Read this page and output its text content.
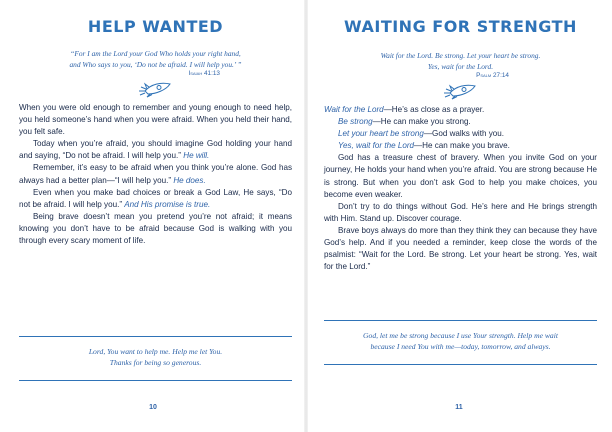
HELP WANTED
“For I am the Lord your God Who holds your right hand,
and Who says to you, ‘Do not be afraid. I will help you.’ ”
Isaiah 41:13

When you were old enough to remember and young enough to need help, you held someone’s hand when you were afraid. When you held their hand, you felt safe.

Today when you’re afraid, you should imagine God holding your hand and saying, “Do not be afraid. I will help you.” He will.

Remember, it’s easy to be afraid when you think you’re alone. God has always had a better plan—“I will help you.” He does.

Even when you make bad choices or break a God Law, He says, “Do not be afraid. I will help you.” And His promise is true.

Being brave doesn’t mean you pretend you’re not afraid; it means knowing you don’t have to be afraid because God is walking with you through every scary moment of life.

Lord, You want to help me. Help me let You.
Thanks for being so generous.
10
WAITING FOR STRENGTH
Wait for the Lord. Be strong. Let your heart be strong.
Yes, wait for the Lord.
Psalm 27:14

Wait for the Lord—He’s as close as a prayer.

Be strong—He can make you strong.

Let your heart be strong—God walks with you.

Yes, wait for the Lord—He can make you brave.

God has a treasure chest of bravery. When you invite God on your journey, He holds your hand when you’re afraid. You are strong because He is strong. But when you don’t ask God to help you make choices, you become even weaker.

Don’t try to do things without God. He’s here and He brings strength with Him. Stand up. Discover courage.

Brave boys always do more than they think they can because they have God’s help. And if you needed a reminder, keep close the words of the psalmist: “Wait for the Lord. Be strong. Let your heart be strong. Yes, wait for the Lord.”

God, let me be strong because I use Your strength. Help me wait
because I need You with me—today, tomorrow, and always.
11
